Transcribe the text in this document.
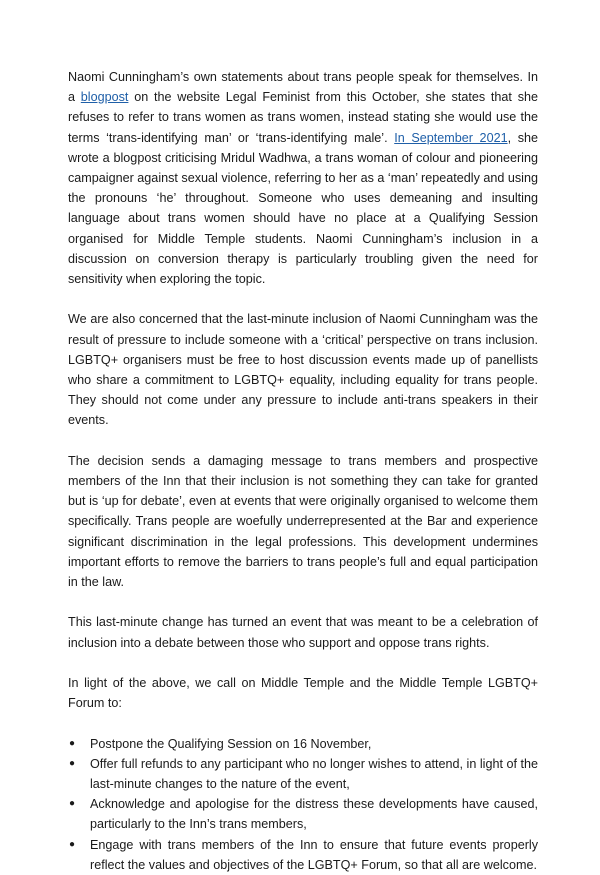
Naomi Cunningham’s own statements about trans people speak for themselves. In a blogpost on the website Legal Feminist from this October, she states that she refuses to refer to trans women as trans women, instead stating she would use the terms ‘trans-identifying man’ or ‘trans-identifying male’. In September 2021, she wrote a blogpost criticising Mridul Wadhwa, a trans woman of colour and pioneering campaigner against sexual violence, referring to her as a ‘man’ repeatedly and using the pronouns ‘he’ throughout. Someone who uses demeaning and insulting language about trans women should have no place at a Qualifying Session organised for Middle Temple students. Naomi Cunningham’s inclusion in a discussion on conversion therapy is particularly troubling given the need for sensitivity when exploring the topic.

We are also concerned that the last-minute inclusion of Naomi Cunningham was the result of pressure to include someone with a ‘critical’ perspective on trans inclusion. LGBTQ+ organisers must be free to host discussion events made up of panellists who share a commitment to LGBTQ+ equality, including equality for trans people. They should not come under any pressure to include anti-trans speakers in their events.

The decision sends a damaging message to trans members and prospective members of the Inn that their inclusion is not something they can take for granted but is ‘up for debate’, even at events that were originally organised to welcome them specifically. Trans people are woefully underrepresented at the Bar and experience significant discrimination in the legal professions. This development undermines important efforts to remove the barriers to trans people’s full and equal participation in the law.

This last-minute change has turned an event that was meant to be a celebration of inclusion into a debate between those who support and oppose trans rights.

In light of the above, we call on Middle Temple and the Middle Temple LGBTQ+ Forum to:

● Postpone the Qualifying Session on 16 November,
● Offer full refunds to any participant who no longer wishes to attend, in light of the last-minute changes to the nature of the event,
● Acknowledge and apologise for the distress these developments have caused, particularly to the Inn’s trans members,
● Engage with trans members of the Inn to ensure that future events properly reflect the values and objectives of the LGBTQ+ Forum, so that all are welcome.
